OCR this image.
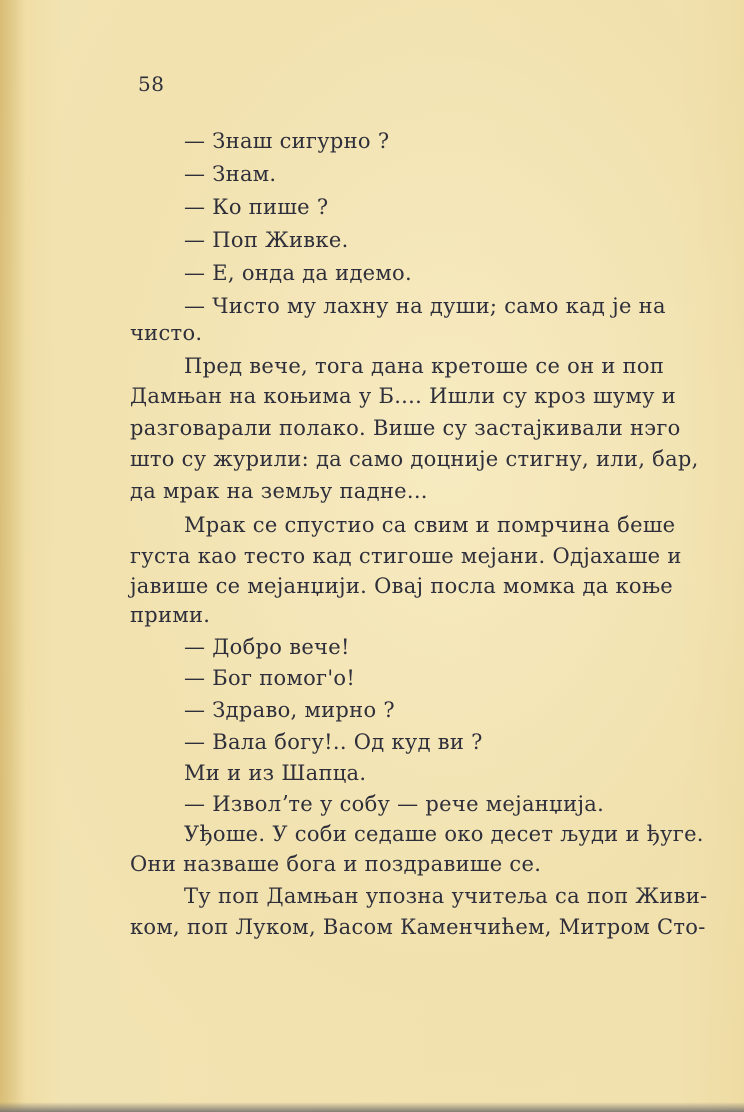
58
— Знаш сигурно ?
— Знам.
— Ко пише ?
— Поп Живке.
— Е, онда да идемо.
— Чисто му лахну на души; само кад је на
чисто.
Пред вече, тога дана кретоше се он и поп
Дамњан на коњима у Б.... Ишли су кроз шуму и
разговарали полако. Више су застајкивали нэго
што су журили: да само доцније стигну, или, бар,
да мрак на земљу падне...
Мрак се спустио са свим и помрчина беше
густа као тесто кад стигоше мејани. Одјахаше и
јавише се мејанџији. Овај посла момка да коње
прими.
— Добро вече!
— Бог помог'о!
— Здраво, мирно ?
— Вала богу!.. Од куд ви ?
Ми и из Шапца.
— Изволʼте у собу — рече мејанџија.
Уђоше. У соби седаше око десет људи и ђуге.
Они назваше бога и поздравише се.
Ту поп Дамњан упозна учитеља са поп Живи-
ком, поп Луком, Васом Каменчићем, Митром Сто-
